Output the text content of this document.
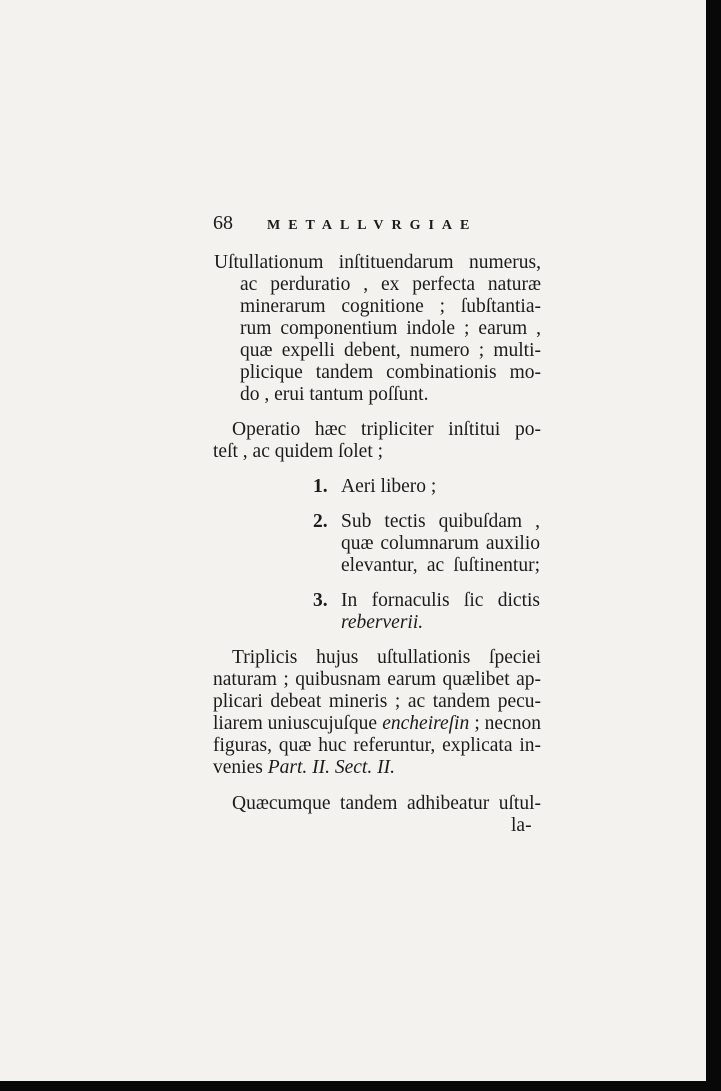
68 METALLVRGIAE
Uſtullationum inſtituendarum numerus,
ac perduratio , ex perfecta naturæ
minerarum cognitione ; ſubſtantia-
rum componentium indole ; earum ,
quæ expelli debent, numero ; multi-
plicique tandem combinationis mo-
do , erui tantum poſſunt.
Operatio hæc tripliciter inſtitui po-
teſt , ac quidem ſolet ;
1. Aeri libero ;
2. Sub tectis quibuſdam ,
quæ columnarum auxilio
elevantur, ac ſuſtinentur;
3. In fornaculis ſic dictis
reberverii.
Triplicis hujus uſtullationis ſpeciei
naturam ; quibusnam earum quælibet ap-
plicari debeat mineris ; ac tandem pecu-
liarem uniuscujuſque encheireſin ; necnon
figuras, quæ huc referuntur, explicata in-
venies Part. II. Sect. II.
Quæcumque tandem adhibeatur uſtul-
la-
